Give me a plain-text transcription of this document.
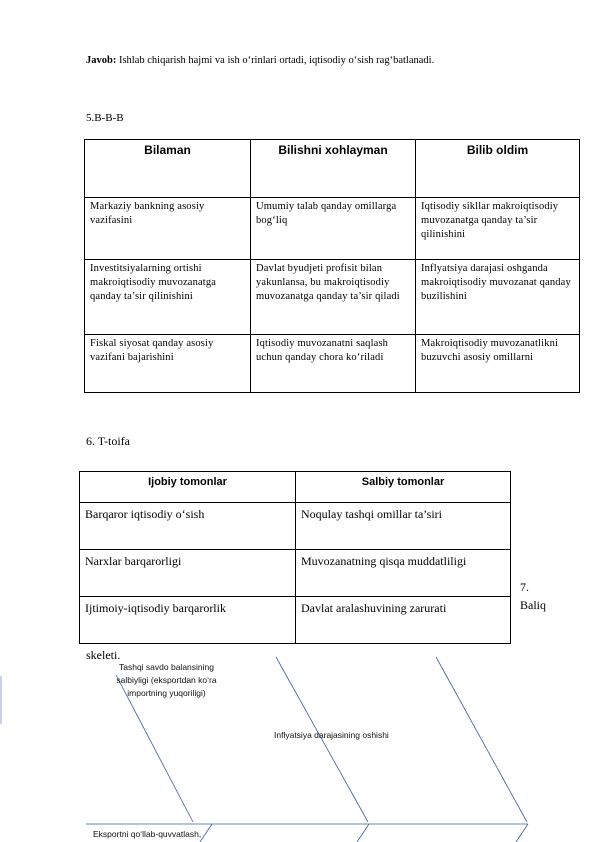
Javob: Ishlab chiqarish hajmi va ish o‘rinlari ortadi, iqtisodiy o‘sish rag‘batlanadi.
5.B-B-B
Bilaman	Bilishni xohlayman	Bilib oldim
Markaziy bankning asosiy vazifasini	Umumiy talab qanday omillarga bog‘liq	Iqtisodiy sikllar makroiqtisodiy muvozanatga qanday ta’sir qilinishini
Investitsiyalarning ortishi makroiqtisodiy muvozanatga qanday ta’sir qilinishini	Davlat byudjeti profisit bilan yakunlansa, bu makroiqtisodiy muvozanatga qanday ta’sir qiladi	Inflyatsiya darajasi oshganda makroiqtisodiy muvozanat qanday buzilishini
Fiskal siyosat qanday asosiy vazifani bajarishini	Iqtisodiy muvozanatni saqlash uchun qanday chora ko‘riladi	Makroiqtisodiy muvozanatlikni buzuvchi asosiy omillarni
6. T-toifa
Ijobiy tomonlar	Salbiy tomonlar
Barqaror iqtisodiy o‘sish	Noqulay tashqi omillar ta’siri
Narxlar barqarorligi	Muvozanatning qisqa muddatliligi
Ijtimoiy-iqtisodiy barqarorlik	Davlat aralashuvining zarurati
7.
Baliq
skeleti.
Tashqi savdo balansining salbiyligi (eksportdan ko‘ra importning yuqoriligi)
Inflyatsiya darajasining oshishi
Eksportni qo‘llab-quvvatlash,
